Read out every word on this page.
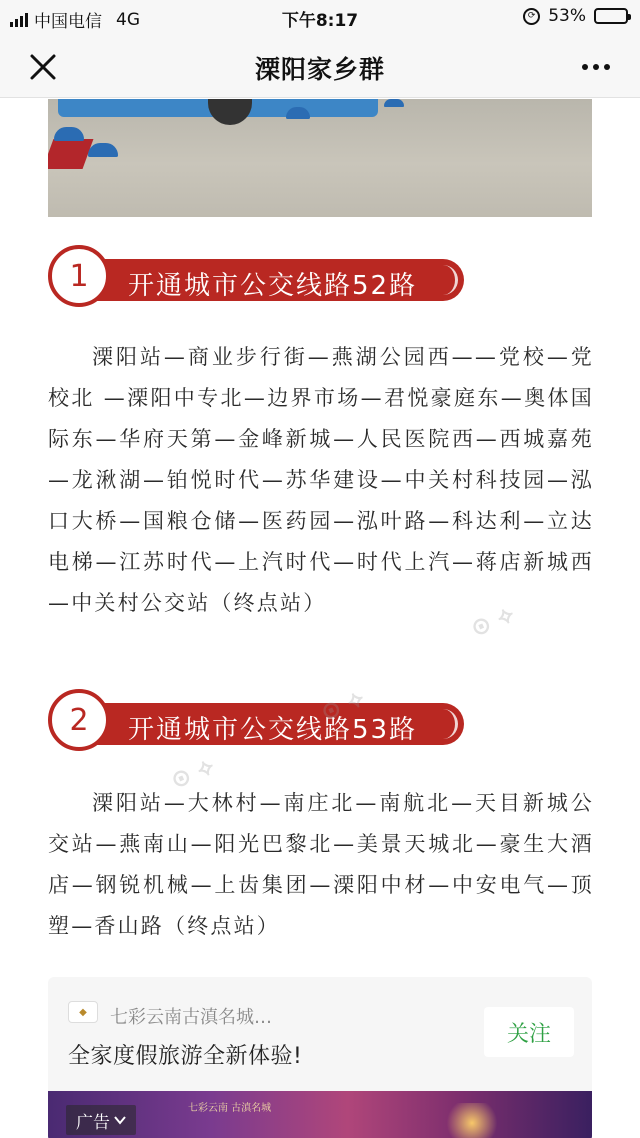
中国电信 4G	下午8:17	⟳ 53%
溧阳家乡群
1	开通城市公交线路52路

溧阳站—商业步行街—燕湖公园西——党校—党校北 —溧阳中专北—边界市场—君悦豪庭东—奥体国际东—华府天第—金峰新城—人民医院西—西城嘉苑—龙湫湖—铂悦时代—苏华建设—中关村科技园—泓口大桥—国粮仓储—医药园—泓叶路—科达利—立达电梯—江苏时代—上汽时代—时代上汽—蒋店新城西—中关村公交站（终点站）

2	开通城市公交线路53路

溧阳站—大林村—南庄北—南航北—天目新城公交站—燕南山—阳光巴黎北—美景天城北—豪生大酒店—钢锐机械—上齿集团—溧阳中材—中安电气—顶塑—香山路（终点站）

⊙ ⟡
⊙ ⟡
⊙ ⟡
◆	七彩云南古滇名城…
全家度假旅游全新体验!
关注
七彩云南 古滇名城
广告
